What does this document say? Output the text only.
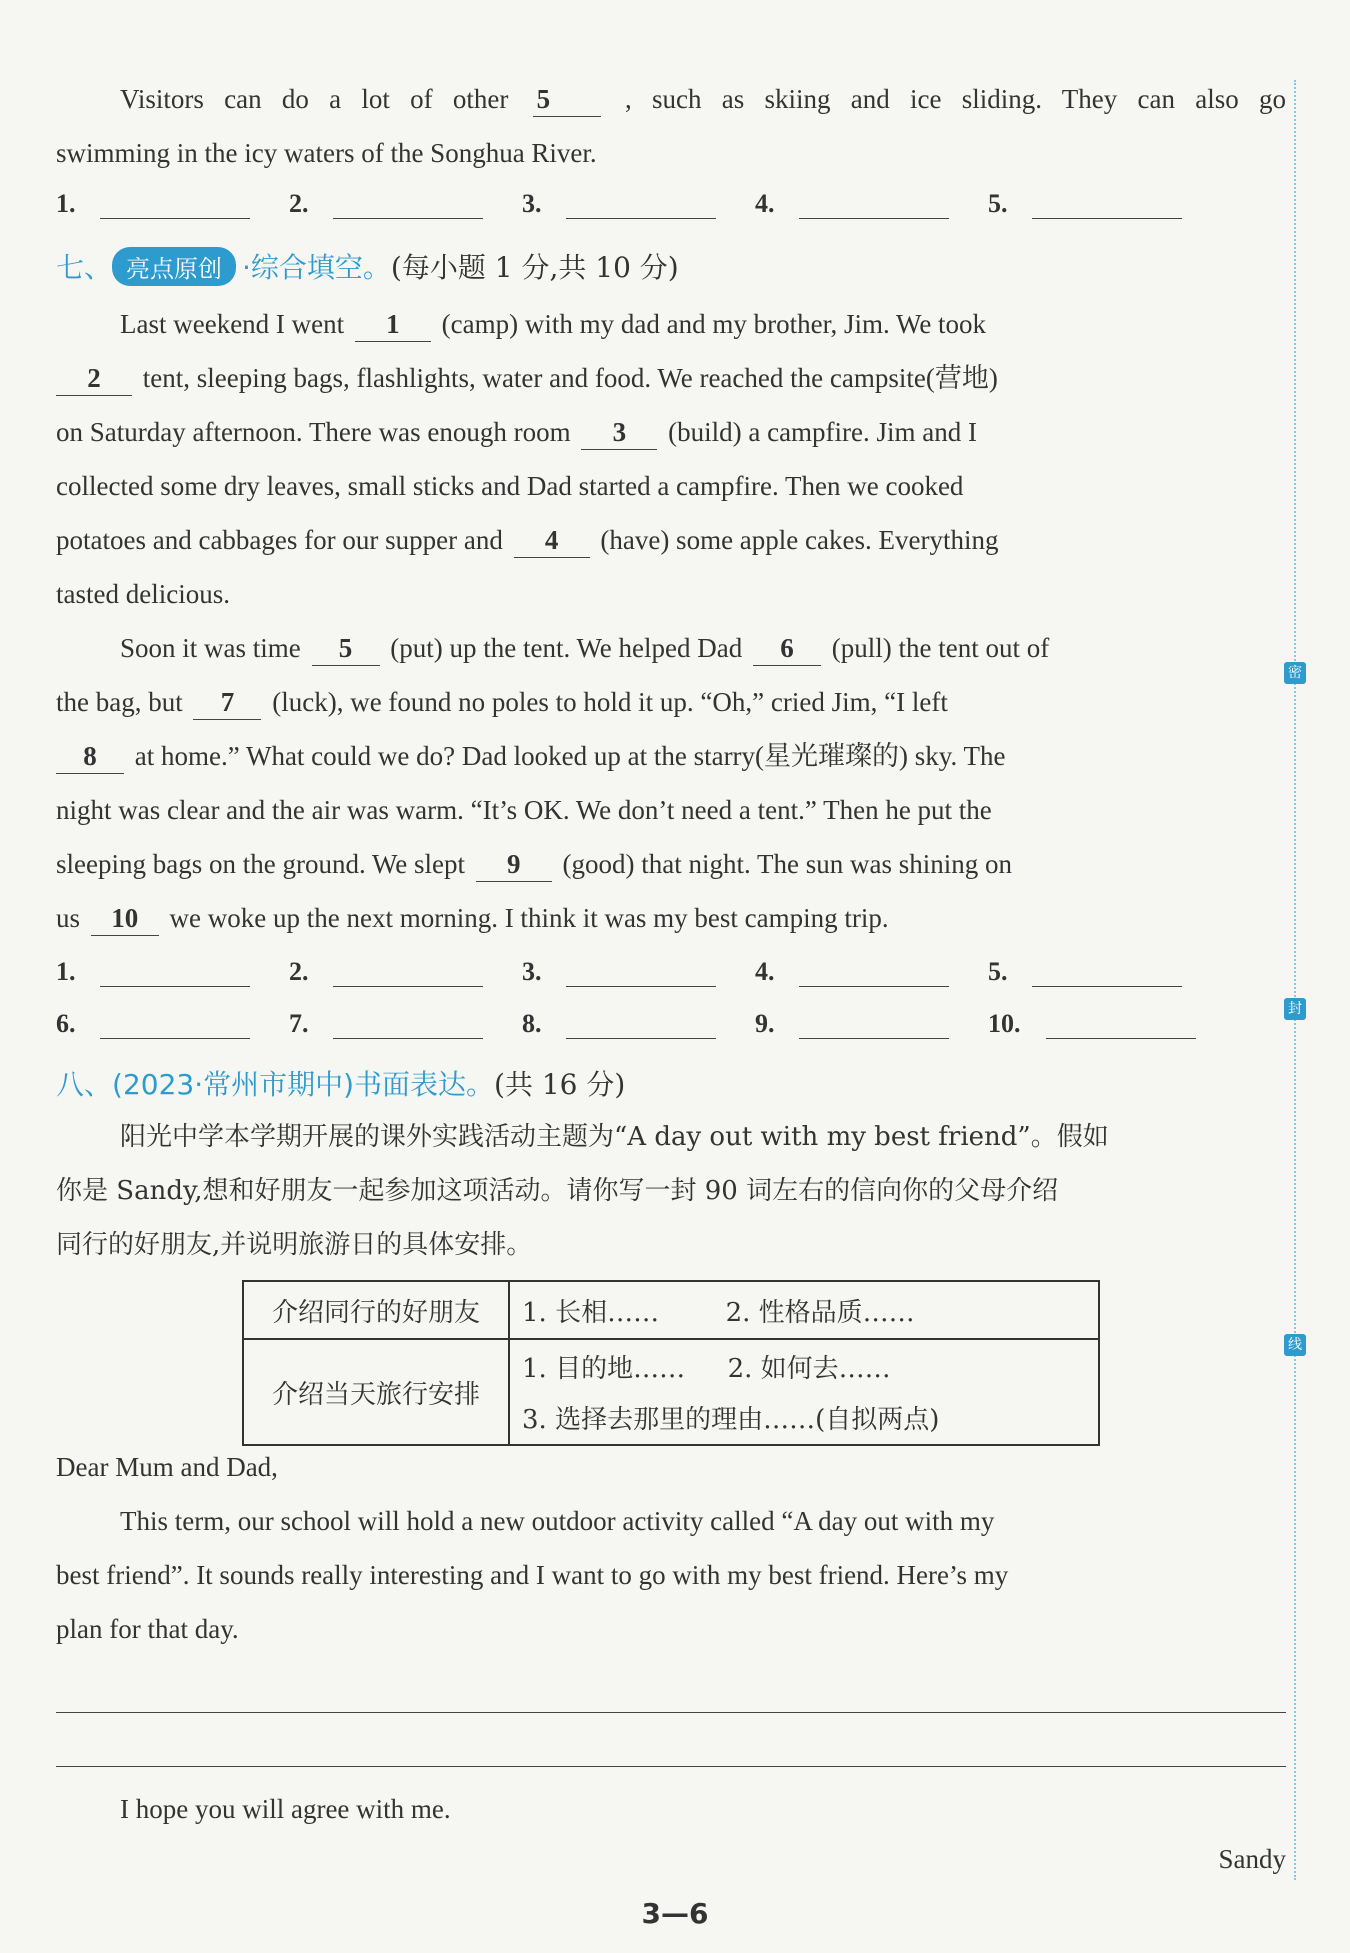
密
封
线
Visitors can do a lot of other 5	, such as skiing and ice sliding. They can also go
swimming in the icy waters of the Songhua River.
1.	2.	3.	4.	5.
七、 亮点原创 ·综合填空。(每小题 1 分,共 10 分)
Last weekend I went 1 (camp) with my dad and my brother, Jim. We took
2 tent, sleeping bags, flashlights, water and food. We reached the campsite(营地)
on Saturday afternoon. There was enough room 3 (build) a campfire. Jim and I
collected some dry leaves, small sticks and Dad started a campfire. Then we cooked
potatoes and cabbages for our supper and 4 (have) some apple cakes. Everything
tasted delicious.
Soon it was time 5 (put) up the tent. We helped Dad 6 (pull) the tent out of
the bag, but 7 (luck), we found no poles to hold it up. “Oh,” cried Jim, “I left
8 at home.” What could we do? Dad looked up at the starry(星光璀璨的) sky. The
night was clear and the air was warm. “It’s OK. We don’t need a tent.” Then he put the
sleeping bags on the ground. We slept 9 (good) that night. The sun was shining on
us 10 we woke up the next morning. I think it was my best camping trip.
1.	2.	3.	4.	5.
6.	7.	8.	9.	10.
八、(2023·常州市期中)书面表达。(共 16 分)
阳光中学本学期开展的课外实践活动主题为“A day out with my best friend”。假如
你是 Sandy,想和好朋友一起参加这项活动。请你写一封 90 词左右的信向你的父母介绍
同行的好朋友,并说明旅游日的具体安排。
介绍同行的好朋友	1. 长相…… 2. 性格品质……
介绍当天旅行安排	1. 目的地…… 2. 如何去……
3. 选择去那里的理由……(自拟两点)
Dear Mum and Dad,
This term, our school will hold a new outdoor activity called “A day out with my
best friend”. It sounds really interesting and I want to go with my best friend. Here’s my
plan for that day.
I hope you will agree with me.
Sandy
3—6
